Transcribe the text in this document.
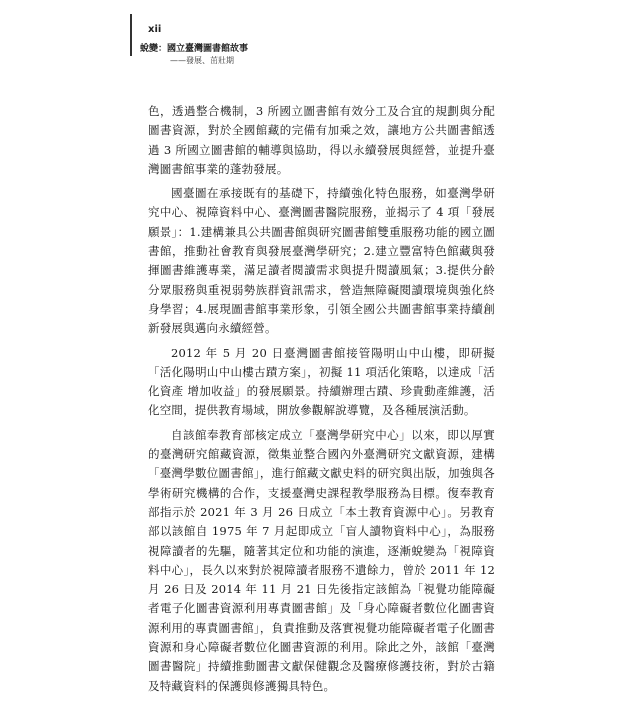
xii
蛻變：國立臺灣圖書館故事
——發展、茁壯期

色，透過整合機制，3 所國立圖書館有效分工及合宜的規劃與分配圖書資源，對於全國館藏的完備有加乘之效，讓地方公共圖書館透過 3 所國立圖書館的輔導與協助，得以永續發展與經營，並提升臺灣圖書館事業的蓬勃發展。

國臺圖在承接既有的基礎下，持續強化特色服務，如臺灣學研究中心、視障資料中心、臺灣圖書醫院服務，並揭示了 4 項「發展願景」：1.建構兼具公共圖書館與研究圖書館雙重服務功能的國立圖書館，推動社會教育與發展臺灣學研究；2.建立豐富特色館藏與發揮圖書維護專業，滿足讀者閱讀需求與提升閱讀風氣；3.提供分齡分眾服務與重視弱勢族群資訊需求，營造無障礙閱讀環境與強化終身學習；4.展現圖書館事業形象，引領全國公共圖書館事業持續創新發展與邁向永續經營。

2012 年 5 月 20 日臺灣圖書館接管陽明山中山樓，即研擬「活化陽明山中山樓古蹟方案」，初擬 11 項活化策略，以達成「活化資產 增加收益」的發展願景。持續辦理古蹟、珍貴動產維護，活化空間，提供教育場域，開放參觀解說導覽，及各種展演活動。

自該館奉教育部核定成立「臺灣學研究中心」以來，即以厚實的臺灣研究館藏資源，徵集並整合國內外臺灣研究文獻資源，建構「臺灣學數位圖書館」，進行館藏文獻史料的研究與出版，加強與各學術研究機構的合作，支援臺灣史課程教學服務為目標。復奉教育部指示於 2021 年 3 月 26 日成立「本土教育資源中心」。另教育部以該館自 1975 年 7 月起即成立「盲人讀物資料中心」，為服務視障讀者的先驅，隨著其定位和功能的演進，逐漸蛻變為「視障資料中心」，長久以來對於視障讀者服務不遺餘力，曾於 2011 年 12 月 26 日及 2014 年 11 月 21 日先後指定該館為「視覺功能障礙者電子化圖書資源利用專責圖書館」及「身心障礙者數位化圖書資源利用的專責圖書館」，負責推動及落實視覺功能障礙者電子化圖書資源和身心障礙者數位化圖書資源的利用。除此之外，該館「臺灣圖書醫院」持續推動圖書文獻保健觀念及醫療修護技術，對於古籍及特藏資料的保護與修護獨具特色。
